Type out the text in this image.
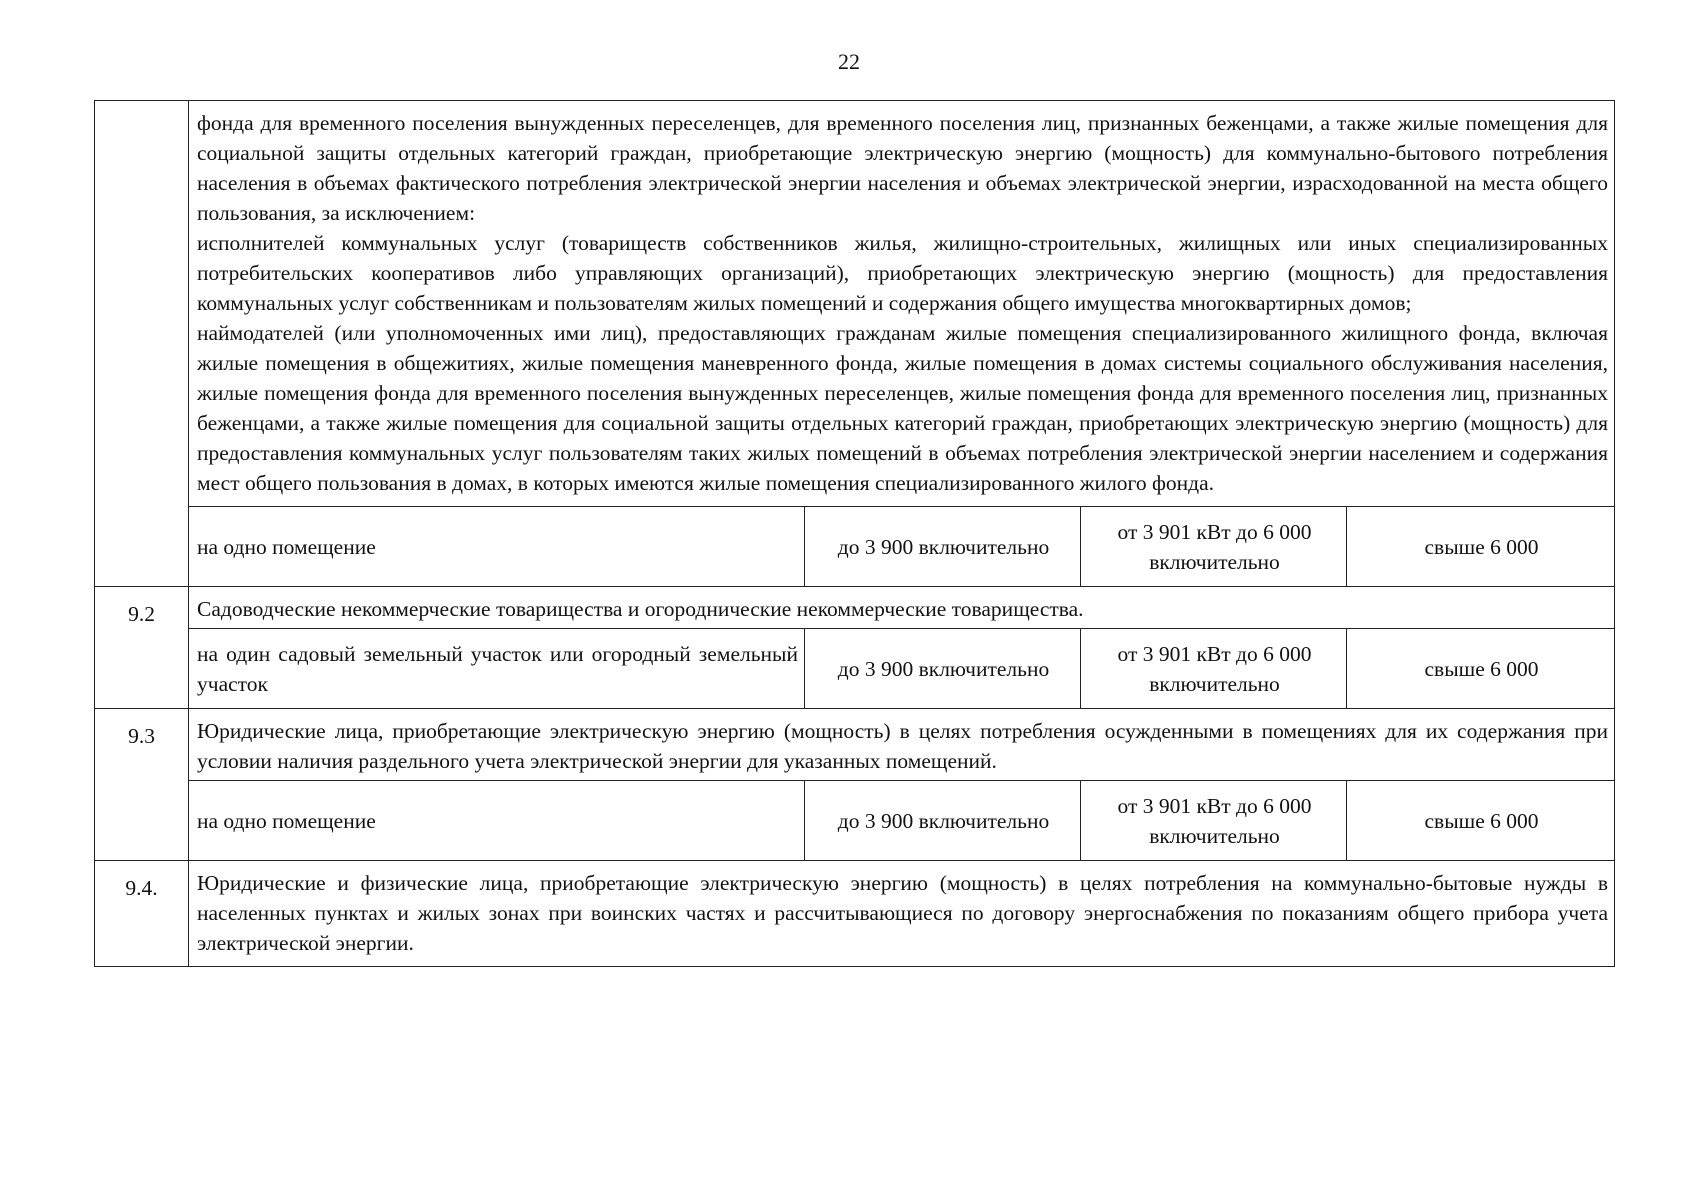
22

	фонда для временного поселения вынужденных переселенцев, для временного поселения лиц, признанных беженцами, а также жилые помещения для социальной защиты отдельных категорий граждан, приобретающие электрическую энергию (мощность) для коммунально-бытового потребления населения в объемах фактического потребления электрической энергии населения и объемах электрической энергии, израсходованной на места общего пользования, за исключением:
исполнителей коммунальных услуг (товариществ собственников жилья, жилищно-строительных, жилищных или иных специализированных потребительских кооперативов либо управляющих организаций), приобретающих электрическую энергию (мощность) для предоставления коммунальных услуг собственникам и пользователям жилых помещений и содержания общего имущества многоквартирных домов;
наймодателей (или уполномоченных ими лиц), предоставляющих гражданам жилые помещения специализированного жилищного фонда, включая жилые помещения в общежитиях, жилые помещения маневренного фонда, жилые помещения в домах системы социального обслуживания населения, жилые помещения фонда для временного поселения вынужденных переселенцев, жилые помещения фонда для временного поселения лиц, признанных беженцами, а также жилые помещения для социальной защиты отдельных категорий граждан, приобретающих электрическую энергию (мощность) для предоставления коммунальных услуг пользователям таких жилых помещений в объемах потребления электрической энергии населением и содержания мест общего пользования в домах, в которых имеются жилые помещения специализированного жилого фонда.			

	на одно помещение	до 3 900 включительно	от 3 901 кВт до 6 000 включительно	свыше 6 000
9.2	Садоводческие некоммерческие товарищества и огороднические некоммерческие товарищества.			
	на один садовый земельный участок или огородный земельный участок	до 3 900 включительно	от 3 901 кВт до 6 000 включительно	свыше 6 000
9.3	Юридические лица, приобретающие электрическую энергию (мощность) в целях потребления осужденными в помещениях для их содержания при условии наличия раздельного учета электрической энергии для указанных помещений.			
	на одно помещение	до 3 900 включительно	от 3 901 кВт до 6 000 включительно	свыше 6 000
9.4.	Юридические и физические лица, приобретающие электрическую энергию (мощность) в целях потребления на коммунально-бытовые нужды в населенных пунктах и жилых зонах при воинских частях и рассчитывающиеся по договору энергоснабжения по показаниям общего прибора учета электрической энергии.			
